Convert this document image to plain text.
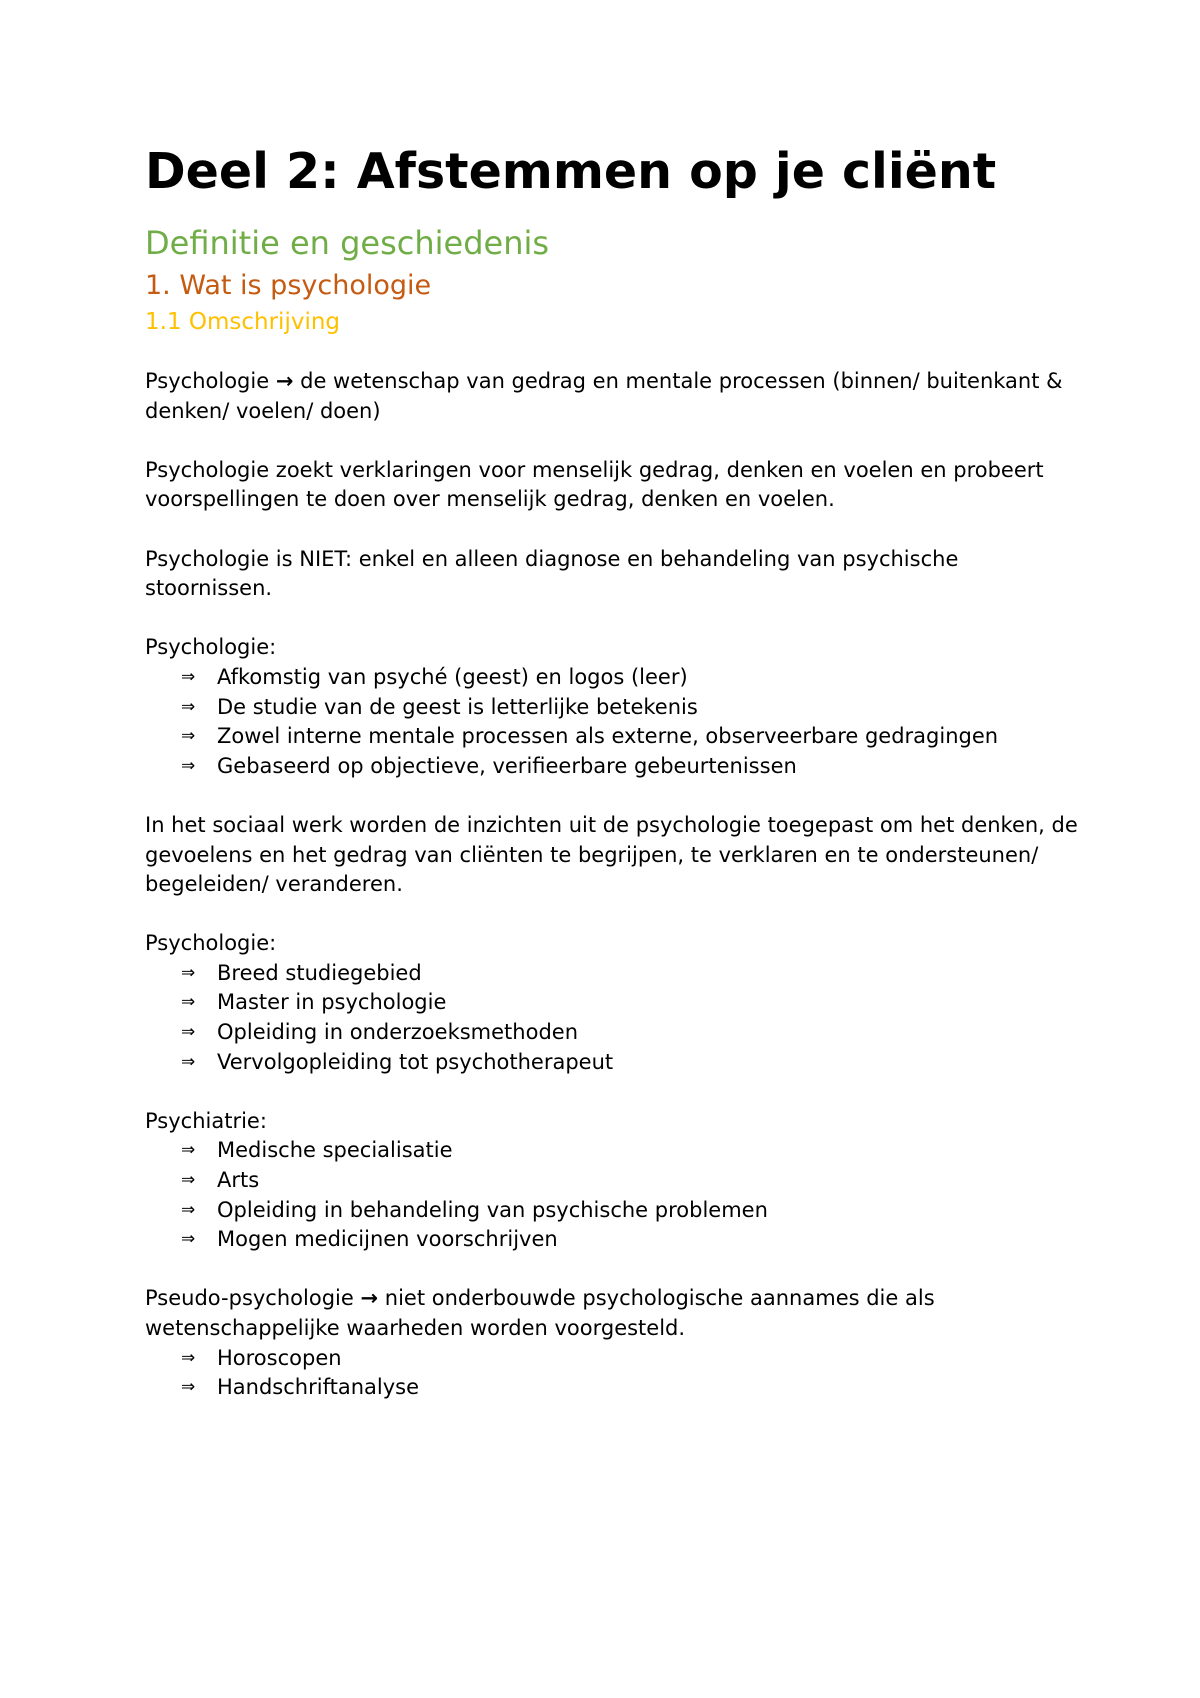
Deel 2: Afstemmen op je cliënt
Definitie en geschiedenis
1. Wat is psychologie
1.1 Omschrijving

Psychologie → de wetenschap van gedrag en mentale processen (binnen/ buitenkant & denken/ voelen/ doen)

Psychologie zoekt verklaringen voor menselijk gedrag, denken en voelen en probeert voorspellingen te doen over menselijk gedrag, denken en voelen.

Psychologie is NIET: enkel en alleen diagnose en behandeling van psychische stoornissen.

Psychologie:

⇒ Afkomstig van psyché (geest) en logos (leer)
⇒ De studie van de geest is letterlijke betekenis
⇒ Zowel interne mentale processen als externe, observeerbare gedragingen
⇒ Gebaseerd op objectieve, verifieerbare gebeurtenissen

In het sociaal werk worden de inzichten uit de psychologie toegepast om het denken, de gevoelens en het gedrag van cliënten te begrijpen, te verklaren en te ondersteunen/ begeleiden/ veranderen.

Psychologie:

⇒ Breed studiegebied
⇒ Master in psychologie
⇒ Opleiding in onderzoeksmethoden
⇒ Vervolgopleiding tot psychotherapeut

Psychiatrie:

⇒ Medische specialisatie
⇒ Arts
⇒ Opleiding in behandeling van psychische problemen
⇒ Mogen medicijnen voorschrijven

Pseudo-psychologie → niet onderbouwde psychologische aannames die als wetenschappelijke waarheden worden voorgesteld.

⇒ Horoscopen
⇒ Handschriftanalyse
